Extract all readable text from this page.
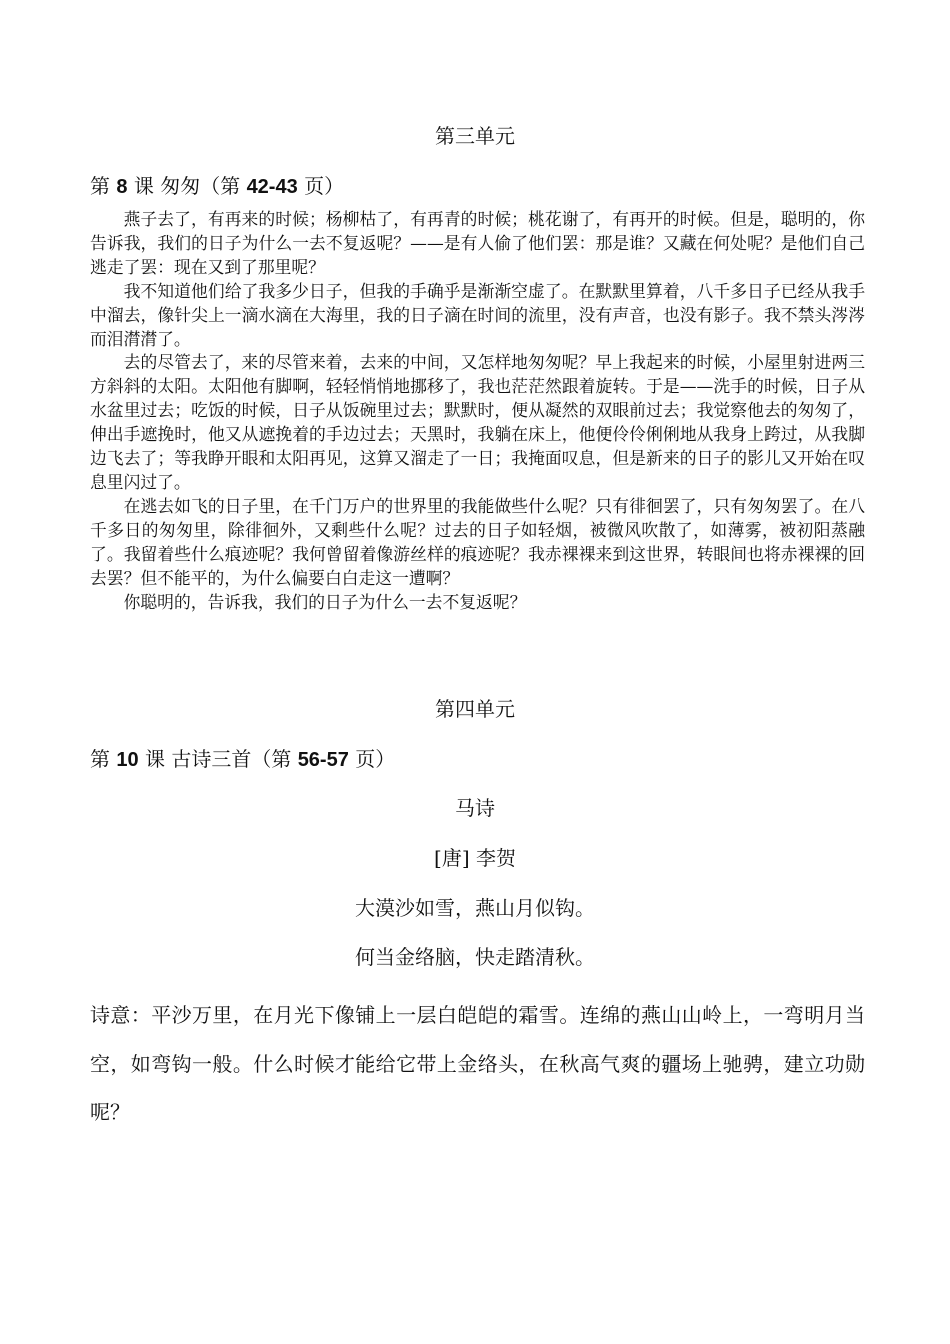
第三单元
第 8 课 匆匆（第 42-43 页）

燕子去了，有再来的时候；杨柳枯了，有再青的时候；桃花谢了，有再开的时候。但是，聪明的，你告诉我，我们的日子为什么一去不复返呢？——是有人偷了他们罢：那是谁？又藏在何处呢？是他们自己逃走了罢：现在又到了那里呢？

我不知道他们给了我多少日子，但我的手确乎是渐渐空虚了。在默默里算着，八千多日子已经从我手中溜去，像针尖上一滴水滴在大海里，我的日子滴在时间的流里，没有声音，也没有影子。我不禁头涔涔而泪潸潸了。

去的尽管去了，来的尽管来着，去来的中间，又怎样地匆匆呢？早上我起来的时候，小屋里射进两三方斜斜的太阳。太阳他有脚啊，轻轻悄悄地挪移了，我也茫茫然跟着旋转。于是——洗手的时候，日子从水盆里过去；吃饭的时候，日子从饭碗里过去；默默时，便从凝然的双眼前过去；我觉察他去的匆匆了，伸出手遮挽时，他又从遮挽着的手边过去；天黑时，我躺在床上，他便伶伶俐俐地从我身上跨过，从我脚边飞去了；等我睁开眼和太阳再见，这算又溜走了一日；我掩面叹息，但是新来的日子的影儿又开始在叹息里闪过了。

在逃去如飞的日子里，在千门万户的世界里的我能做些什么呢？只有徘徊罢了，只有匆匆罢了。在八千多日的匆匆里，除徘徊外，又剩些什么呢？过去的日子如轻烟，被微风吹散了，如薄雾，被初阳蒸融了。我留着些什么痕迹呢？我何曾留着像游丝样的痕迹呢？我赤裸裸来到这世界，转眼间也将赤裸裸的回去罢？但不能平的，为什么偏要白白走这一遭啊？

你聪明的，告诉我，我们的日子为什么一去不复返呢？

第四单元
第 10 课 古诗三首（第 56-57 页）
马诗
[唐] 李贺
大漠沙如雪，燕山月似钩。
何当金络脑，快走踏清秋。
诗意：平沙万里，在月光下像铺上一层白皑皑的霜雪。连绵的燕山山岭上，一弯明月当空，如弯钩一般。什么时候才能给它带上金络头，在秋高气爽的疆场上驰骋，建立功勋呢？
